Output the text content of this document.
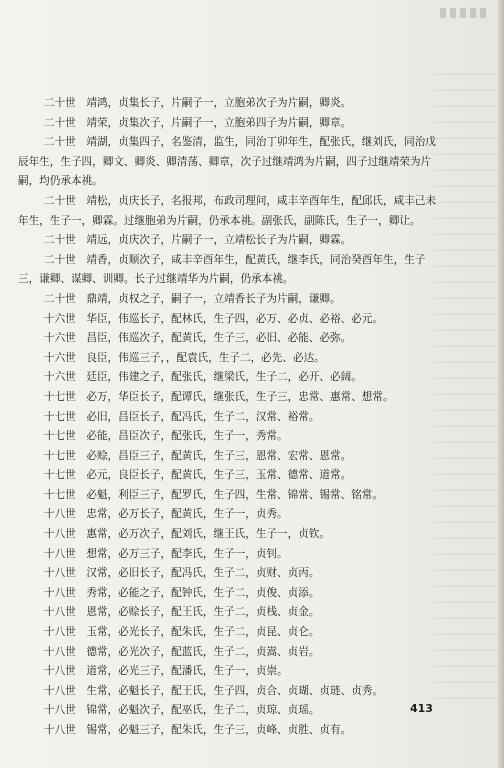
二十世　靖鸿，贞集长子，片嗣子一，立胞弟次子为片嗣，卿炎。

二十世　靖荣，贞集次子，片嗣子一，立胞弟四子为片嗣，卿章。

二十世　靖湖，贞集四子，名鉴清，监生，同治丁卯年生，配张氏，继刘氏，同治戊辰年生，生子四，卿文、卿炎、卿清荡、卿章，次子过继靖鸿为片嗣，四子过继靖荣为片嗣，均仍承本祧。

二十世　靖松，贞庆长子，名报邦，布政司理问，咸丰辛酉年生，配邱氏，咸丰己未年生，生子一，卿霖。过继胞弟为片嗣，仍承本祧。副张氏，副陈氏，生子一，卿让。

二十世　靖远，贞庆次子，片嗣子一，立靖松长子为片嗣，卿霖。

二十世　靖香，贞顺次子，咸丰辛酉年生，配黄氏，继李氏，同治癸酉年生，生子三，谦卿、谋卿、训卿。长子过继靖华为片嗣，仍承本祧。

二十世　鼎靖，贞权之子，嗣子一，立靖香长子为片嗣，谦卿。

十六世　华臣，伟巡长子，配林氏，生子四，必万、必贞、必裕、必元。

十六世　昌臣，伟巡次子，配黄氏，生子三，必旧、必能、必弥。

十六世　良臣，伟巡三子，，配袁氏，生子二，必先、必达。

十六世　廷臣，伟建之子，配张氏，继梁氏，生子二，必开、必阔。

十七世　必万，华臣长子，配谭氏，继张氏，生子三，忠常、惠常、想常。

十七世　必旧，昌臣长子，配冯氏，生子二，汉常、裕常。

十七世　必能，昌臣次子，配张氏，生子一，秀常。

十七世　必赊，昌臣三子，配黄氏，生子三，恩常、宏常、恩常。

十七世　必元，良臣长子，配黄氏，生子三，玉常、德常、道常。

十七世　必魁，利臣三子，配罗氏，生子四，生常、锦常、锡常、铭常。

十八世　忠常，必万长子，配黄氏，生子一，贞秀。

十八世　惠常，必万次子，配刘氏，继王氏，生子一，贞钦。

十八世　想常，必万三子，配李氏，生子一，贞钊。

十八世　汉常，必旧长子，配冯氏，生子二，贞财、贞丙。

十八世　秀常，必能之子，配钟氏，生子二，贞俊、贞添。

十八世　恩常，必赊长子，配王氏，生子二，贞栈、贞金。

十八世　玉常，必光长子，配朱氏，生子二，贞昆、贞仑。

十八世　德常，必光次子，配蓝氏，生子二，贞嵩、贞岩。

十八世　道常，必光三子，配潘氏，生子一，贞崇。

十八世　生常，必魁长子，配王氏，生子四，贞合、贞瑚、贞琏、贞秀。

十八世　锦常，必魁次子，配巫氏，生子二，贞琼、贞瑶。

十八世　锡常，必魁三子，配朱氏，生子三，贞峰、贞胜、贞有。

413
